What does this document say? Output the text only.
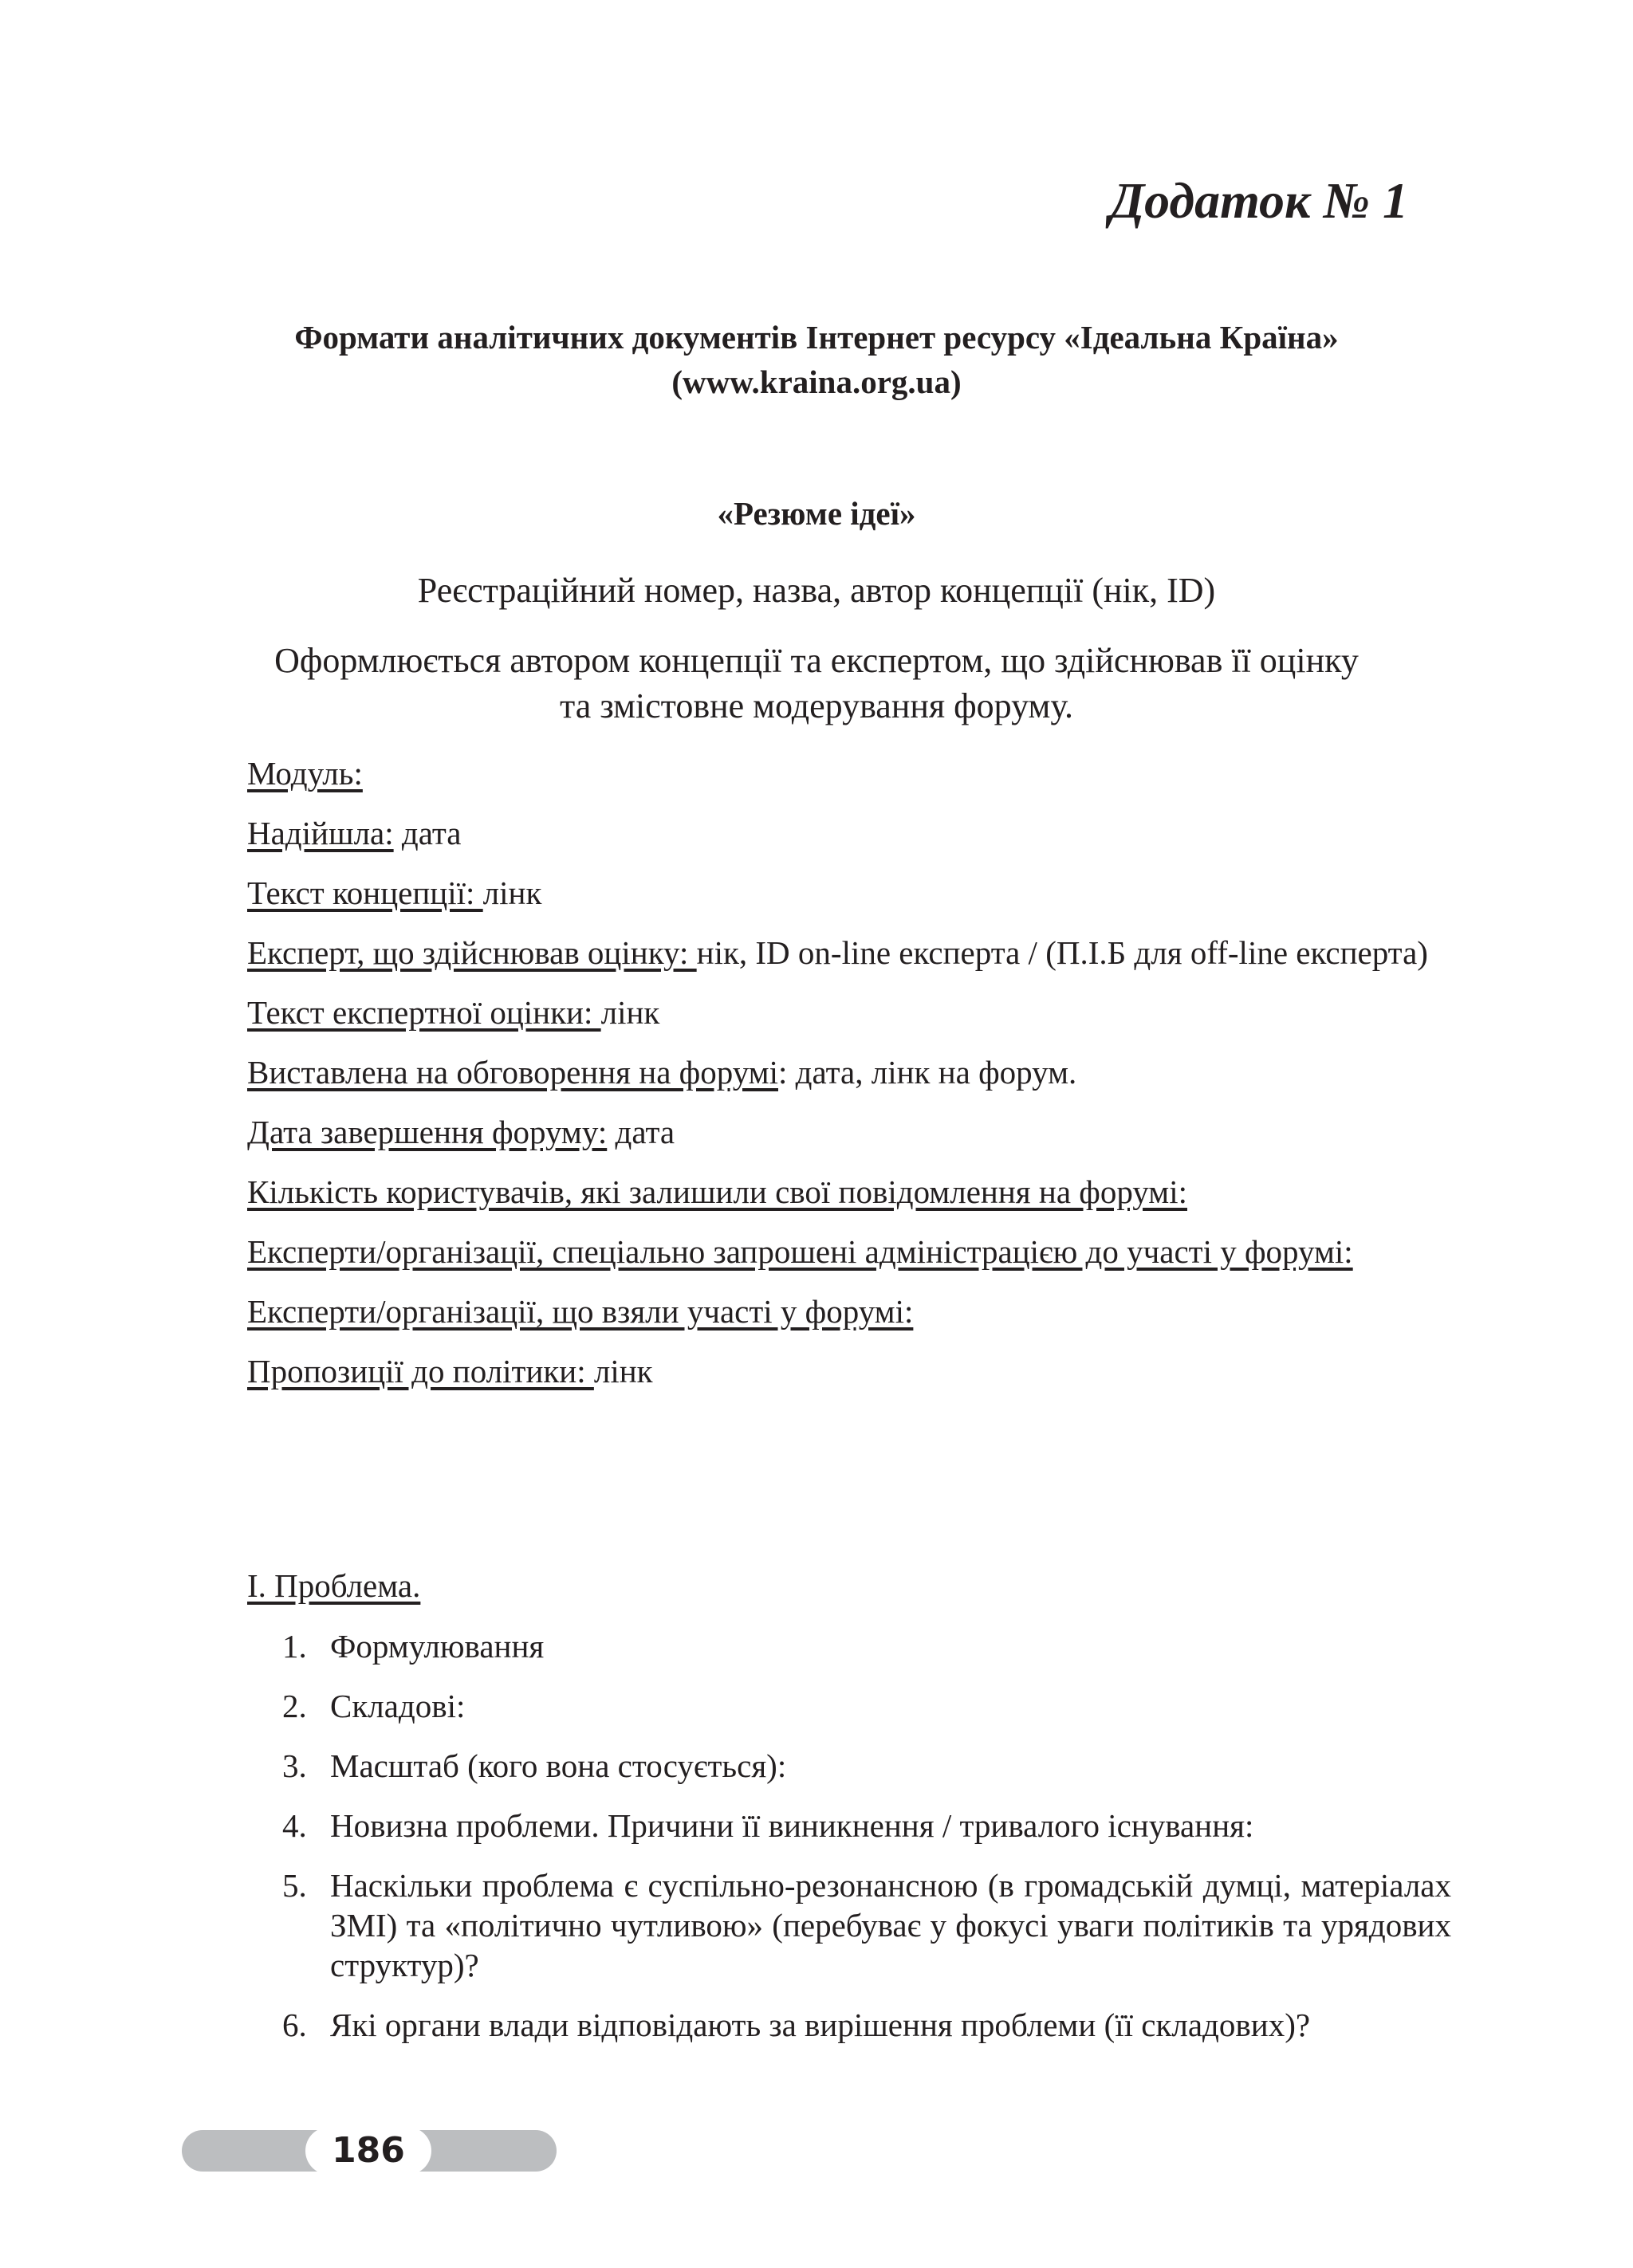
Додаток № 1
Формати аналітичних документів Інтернет ресурсу «Ідеальна Країна»
(www.kraina.org.ua)
«Резюме ідеї»

Реєстраційний номер, назва, автор концепції (нік, ID)

Оформлюється автором концепції та експертом, що здійснював її оцінку
та змістовне модерування форуму.

Модуль:

Надійшла: дата

Текст концепції: лінк

Експерт, що здійснював оцінку: нік, ID on-line експерта / (П.І.Б для off-line експерта)

Текст експертної оцінки: лінк

Виставлена на обговорення на форумі: дата, лінк на форум.

Дата завершення форуму: дата

Кількість користувачів, які залишили свої повідомлення на форумі:

Експерти/організації, спеціально запрошені адміністрацією до участі у форумі:

Експерти/організації, що взяли участі у форумі:

Пропозиції до політики: лінк

I. Проблема.

1. Формулювання
2. Складові:
3. Масштаб (кого вона стосується):
4. Новизна проблеми. Причини її виникнення / тривалого існування:
5. Наскільки проблема є суспільно-резонансною (в громадській думці, матеріалах ЗМІ) та «політично чутливою» (перебуває у фокусі уваги політиків та урядових структур)?
6. Які органи влади відповідають за вирішення проблеми (її складових)?
186
